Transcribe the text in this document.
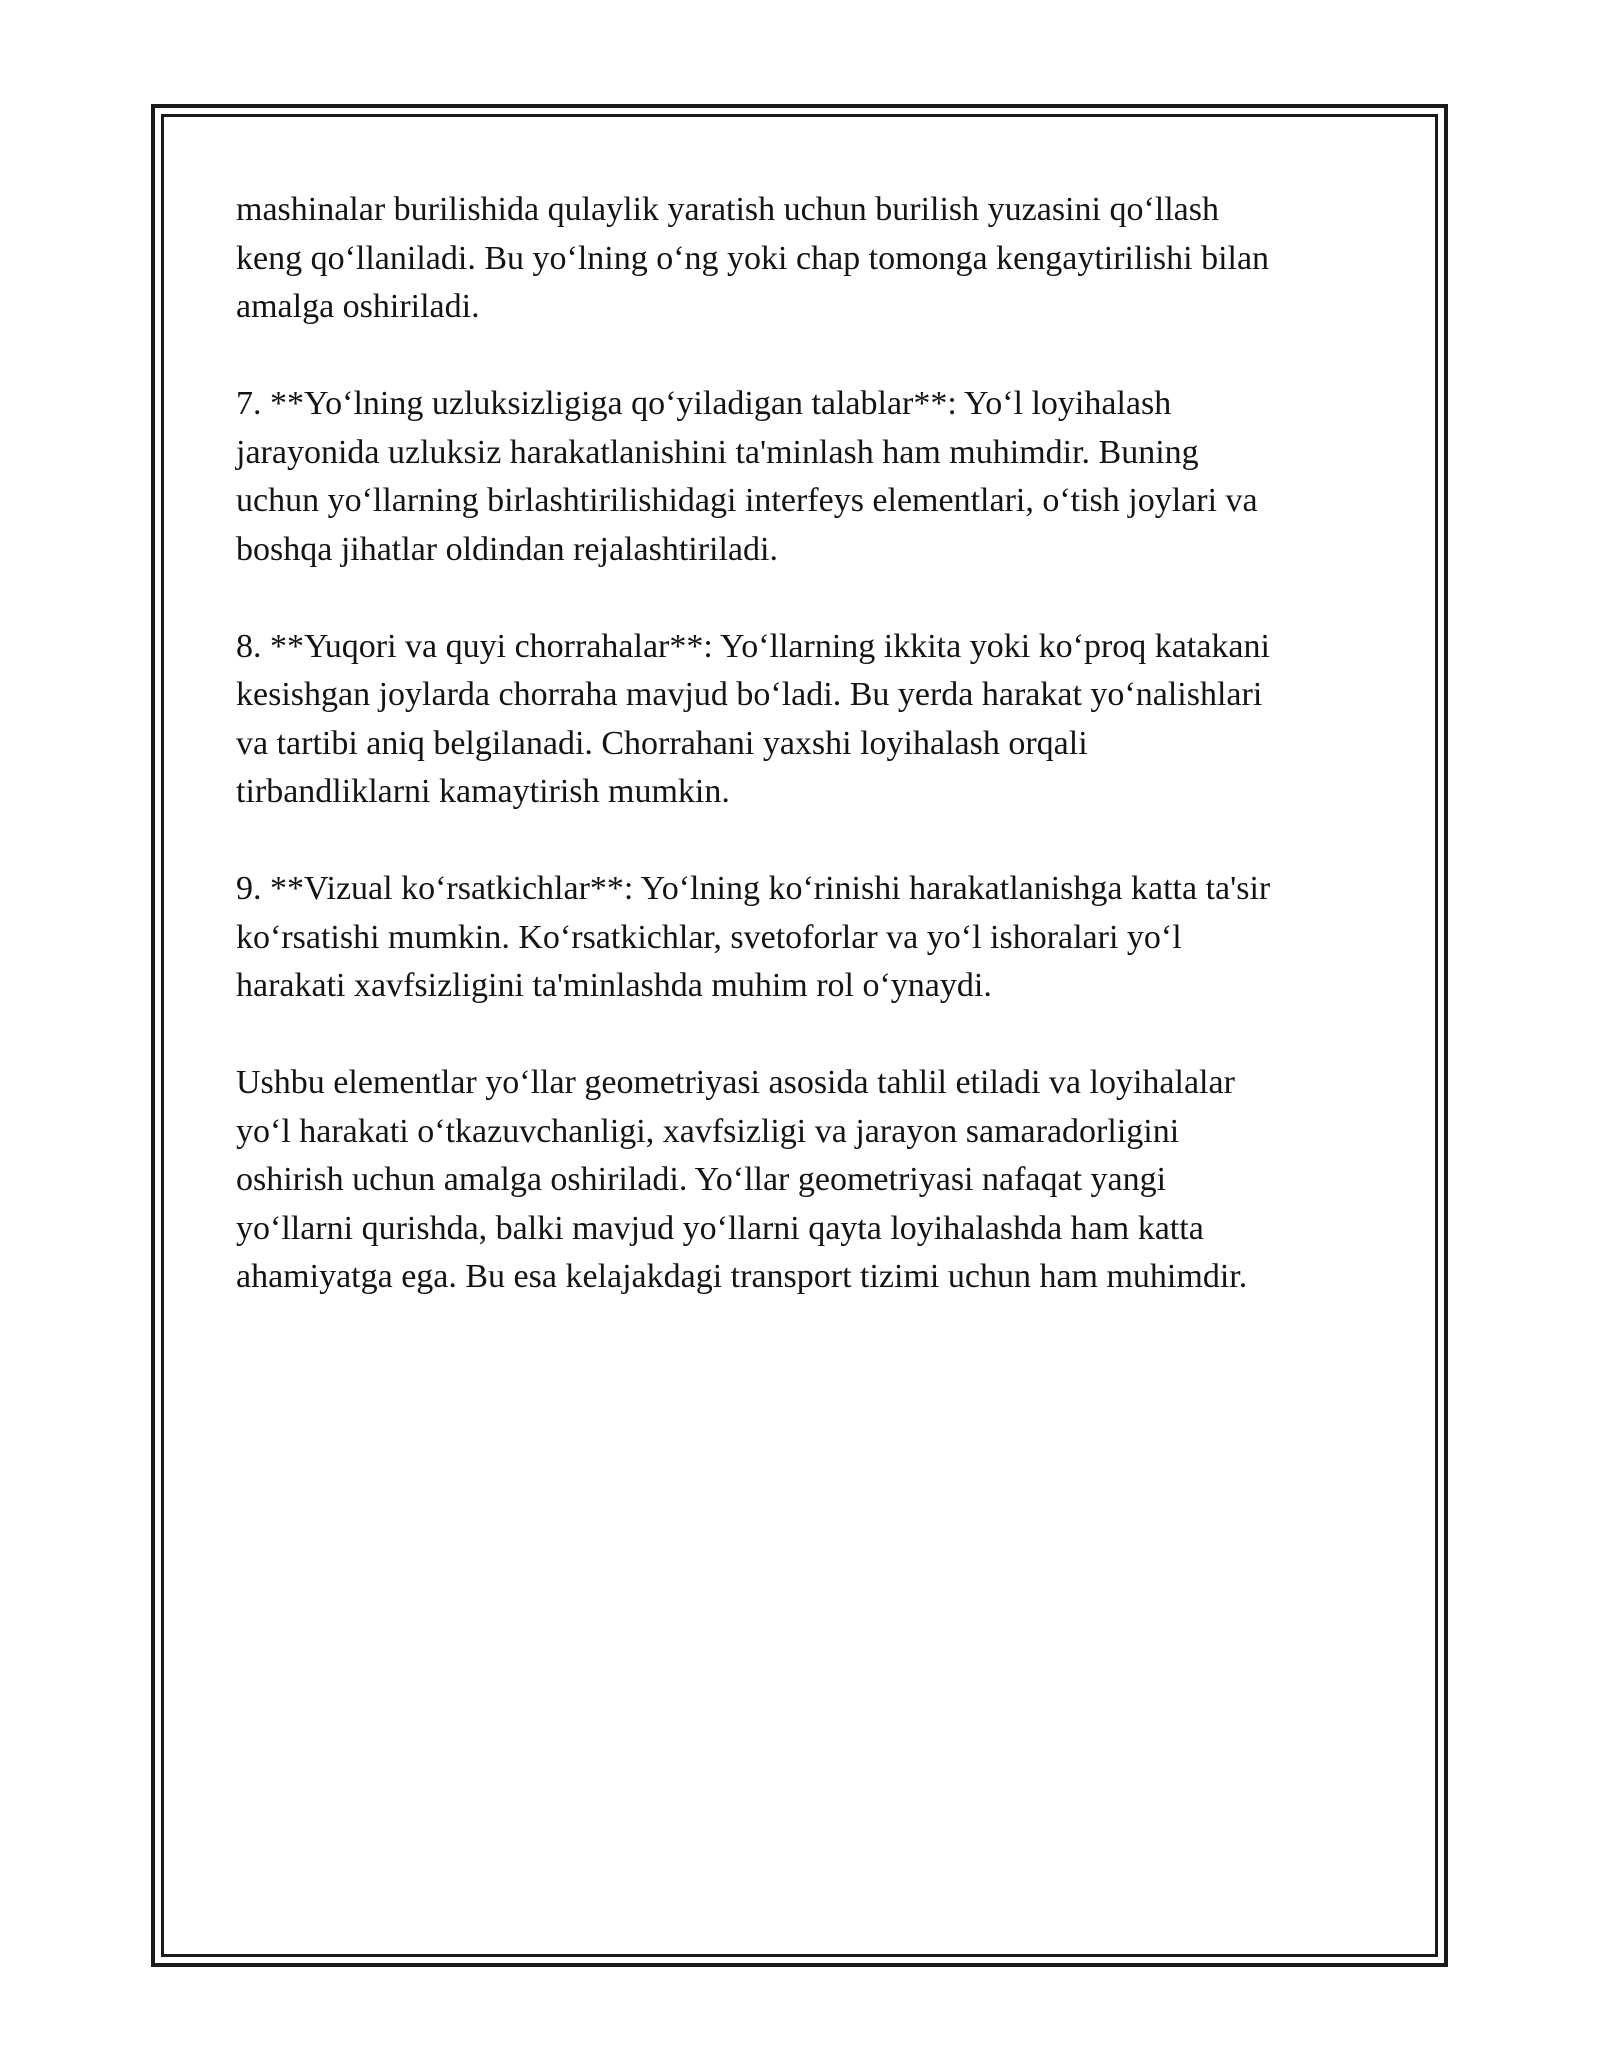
mashinalar burilishida qulaylik yaratish uchun burilish yuzasini qo‘llash
keng qo‘llaniladi. Bu yo‘lning o‘ng yoki chap tomonga kengaytirilishi bilan
amalga oshiriladi.

7. **Yo‘lning uzluksizligiga qo‘yiladigan talablar**: Yo‘l loyihalash
jarayonida uzluksiz harakatlanishini ta'minlash ham muhimdir. Buning
uchun yo‘llarning birlashtirilishidagi interfeys elementlari, o‘tish joylari va
boshqa jihatlar oldindan rejalashtiriladi.

8. **Yuqori va quyi chorrahalar**: Yo‘llarning ikkita yoki ko‘proq katakani
kesishgan joylarda chorraha mavjud bo‘ladi. Bu yerda harakat yo‘nalishlari
va tartibi aniq belgilanadi. Chorrahani yaxshi loyihalash orqali
tirbandliklarni kamaytirish mumkin.

9. **Vizual ko‘rsatkichlar**: Yo‘lning ko‘rinishi harakatlanishga katta ta'sir
ko‘rsatishi mumkin. Ko‘rsatkichlar, svetoforlar va yo‘l ishoralari yo‘l
harakati xavfsizligini ta'minlashda muhim rol o‘ynaydi.

Ushbu elementlar yo‘llar geometriyasi asosida tahlil etiladi va loyihalalar
yo‘l harakati o‘tkazuvchanligi, xavfsizligi va jarayon samaradorligini
oshirish uchun amalga oshiriladi. Yo‘llar geometriyasi nafaqat yangi
yo‘llarni qurishda, balki mavjud yo‘llarni qayta loyihalashda ham katta
ahamiyatga ega. Bu esa kelajakdagi transport tizimi uchun ham muhimdir.
